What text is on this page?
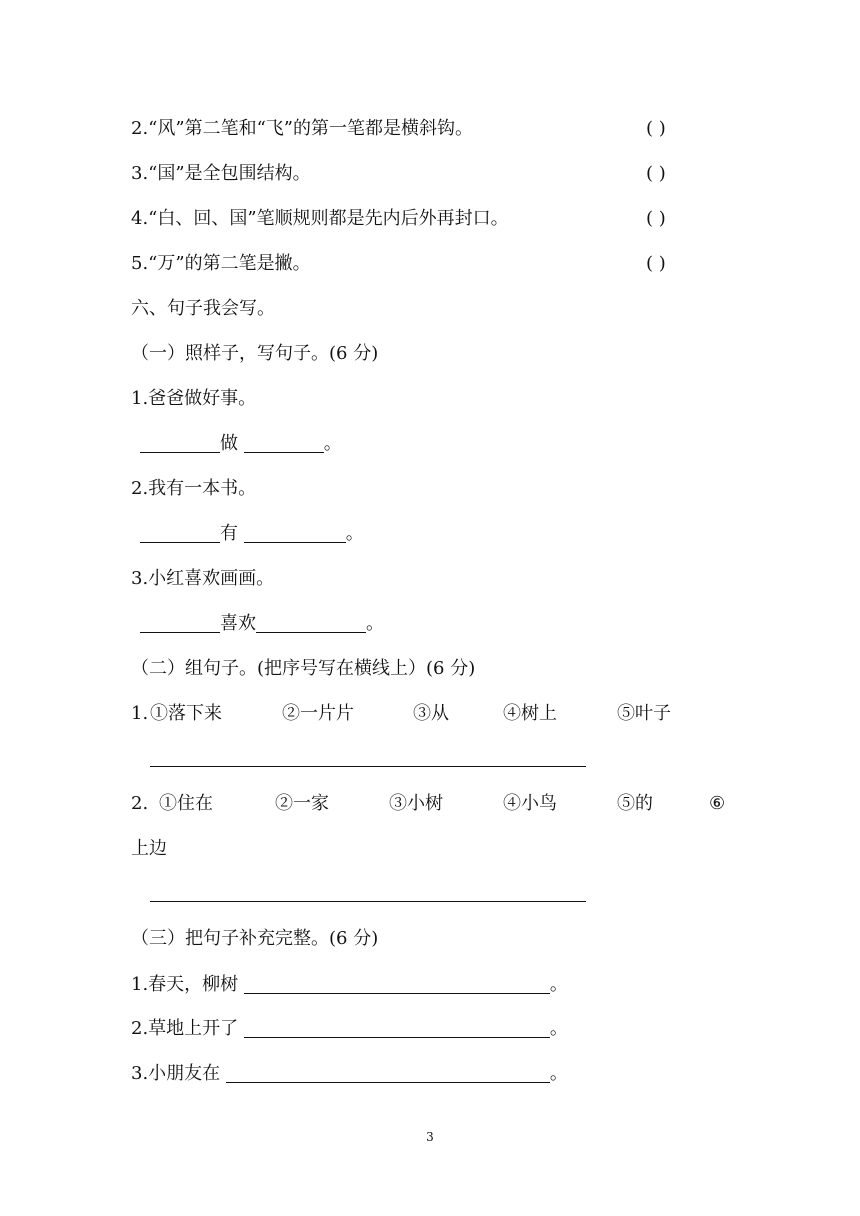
2.“风”第二笔和“飞”的第一笔都是横斜钩。	( )
3.“国”是全包围结构。	( )
4.“白、回、国”笔顺规则都是先内后外再封口。	( )
5.“万”的第二笔是撇。	( )
六、句子我会写。
（一）照样子，写句子。(6 分)
1.爸爸做好事。
做	。
2.我有一本书。
有	。
3.小红喜欢画画。
喜欢	。
（二）组句子。(把序号写在横线上）(6 分)
1. ①落下来	②一片片	③从	④树上	⑤叶子
2. ①住在	②一家	③小树	④小鸟	⑤的	⑥
上边
（三）把句子补充完整。(6 分)
1.春天，柳树	。
2.草地上开了	。
3.小朋友在	。
3
